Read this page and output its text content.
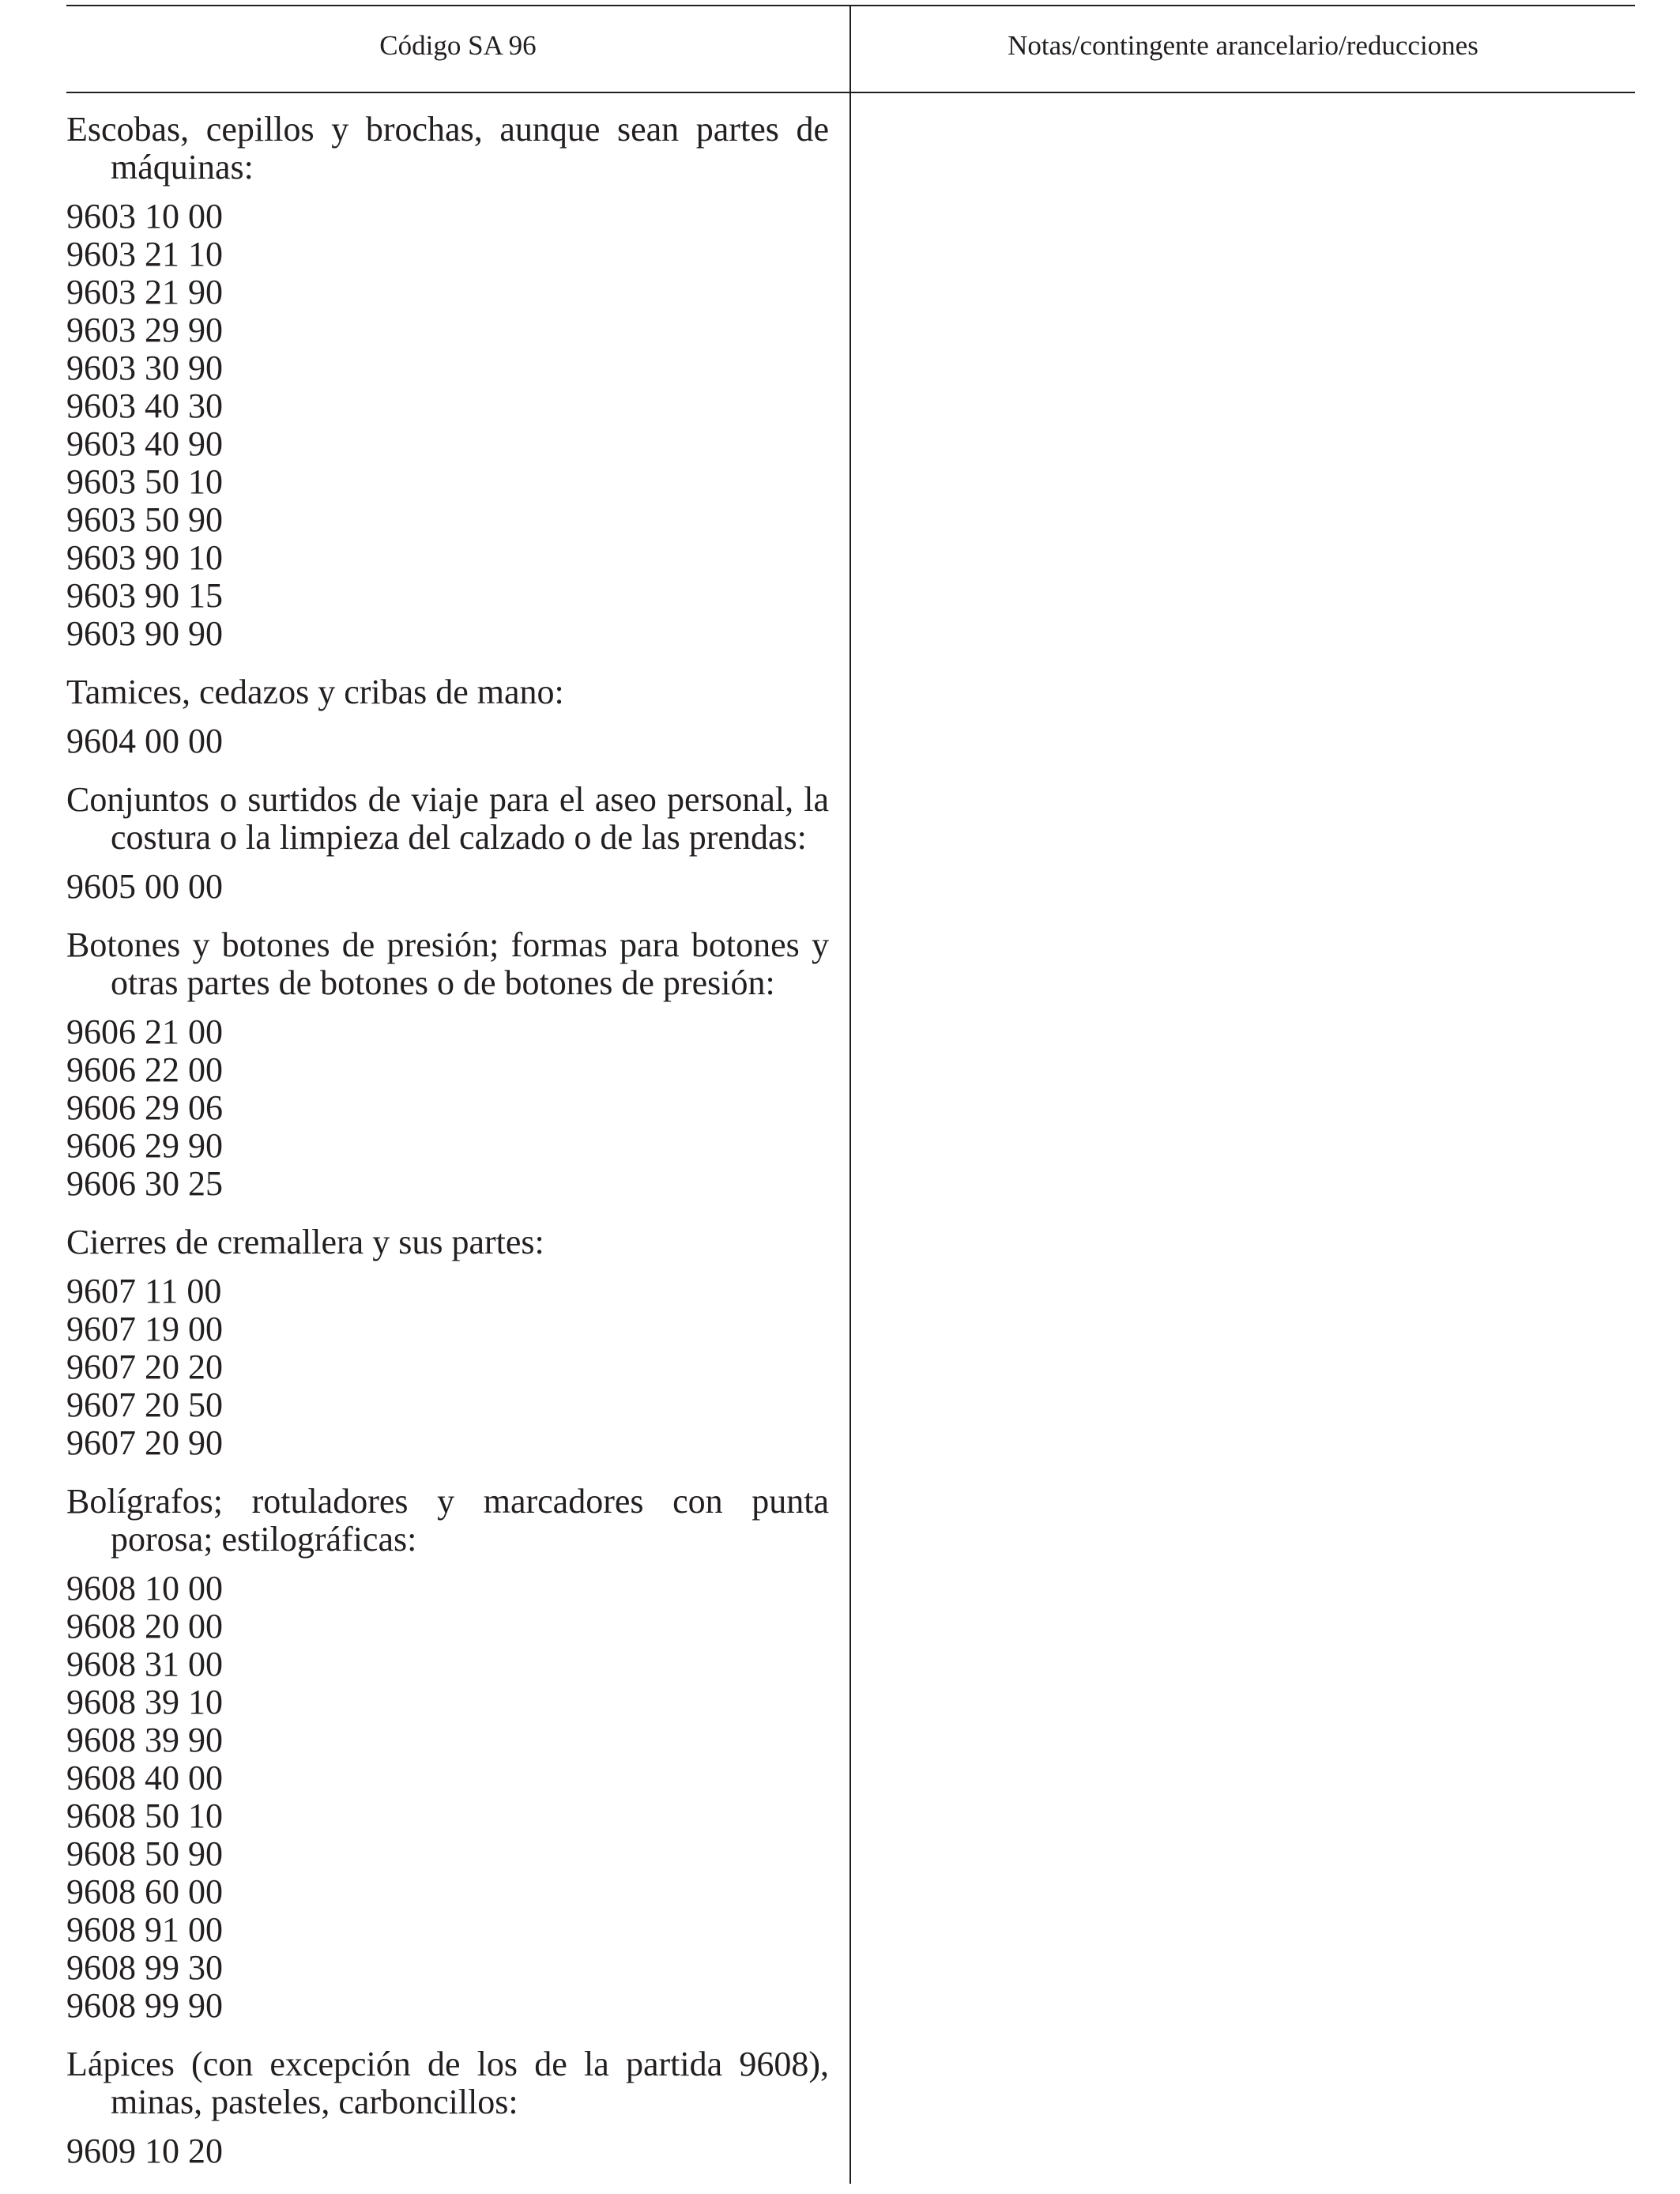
Código SA 96	Notas/contingente arancelario/reducciones

Escobas, cepillos y brochas, aunque sean partes de máquinas:

9603 10 00
9603 21 10
9603 21 90
9603 29 90
9603 30 90
9603 40 30
9603 40 90
9603 50 10
9603 50 90
9603 90 10
9603 90 15
9603 90 90

Tamices, cedazos y cribas de mano:

9604 00 00

Conjuntos o surtidos de viaje para el aseo personal, la costura o la limpieza del calzado o de las prendas:

9605 00 00

Botones y botones de presión; formas para botones y otras partes de botones o de botones de presión:

9606 21 00
9606 22 00
9606 29 06
9606 29 90
9606 30 25

Cierres de cremallera y sus partes:

9607 11 00
9607 19 00
9607 20 20
9607 20 50
9607 20 90

Bolígrafos; rotuladores y marcadores con punta porosa; estilográficas:

9608 10 00
9608 20 00
9608 31 00
9608 39 10
9608 39 90
9608 40 00
9608 50 10
9608 50 90
9608 60 00
9608 91 00
9608 99 30
9608 99 90

Lápices (con excepción de los de la partida 9608), minas, pasteles, carboncillos:

9609 10 20
